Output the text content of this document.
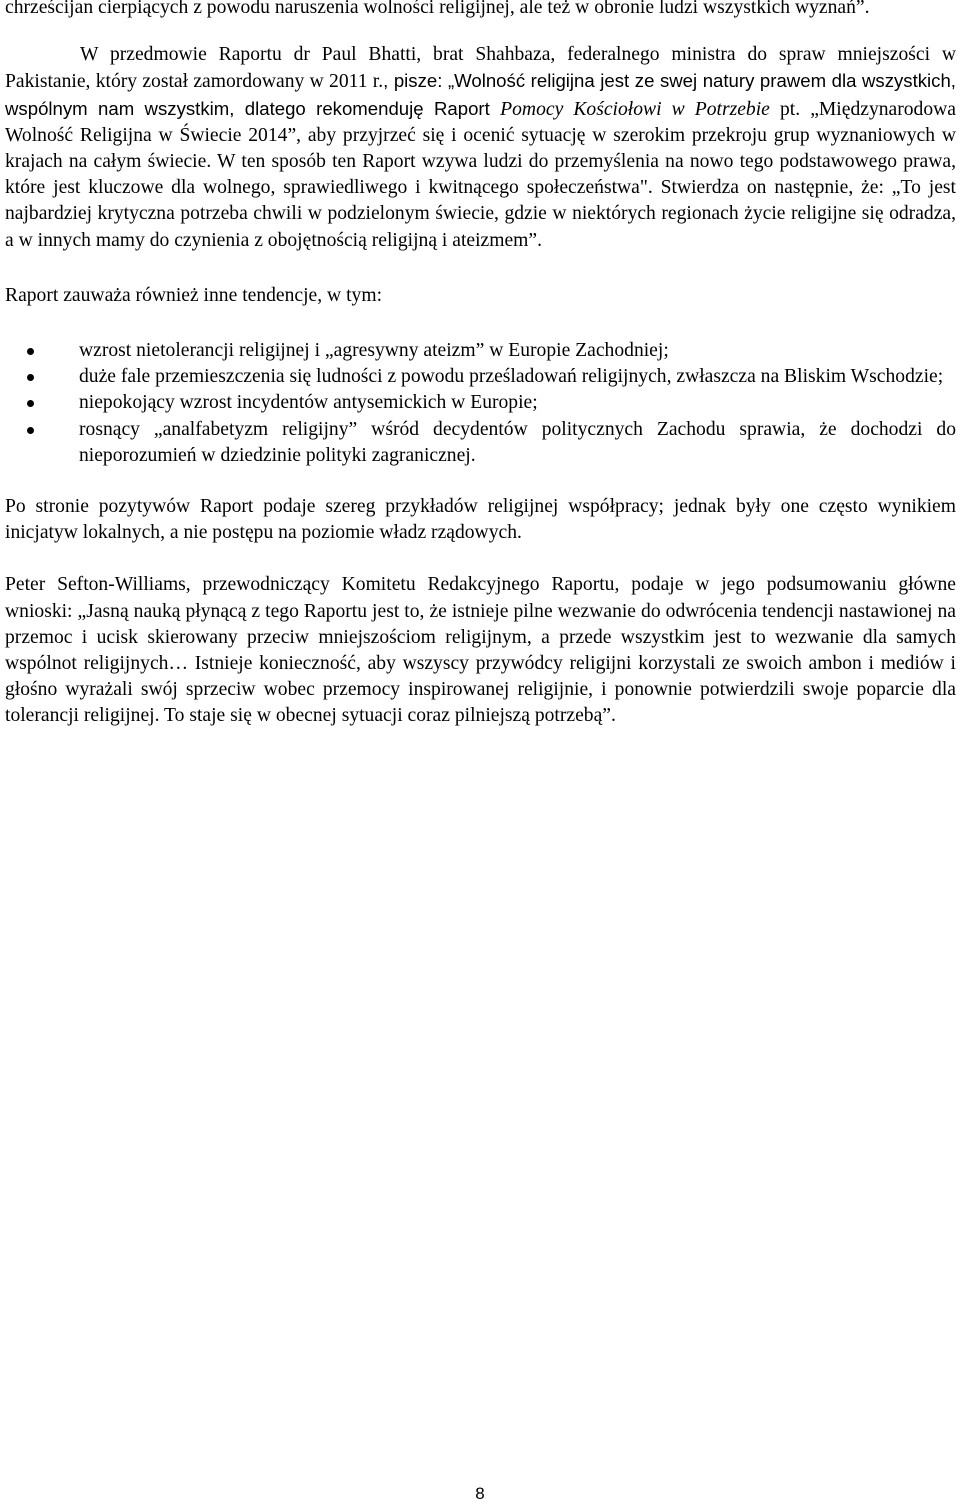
chrześcijan cierpiących z powodu naruszenia wolności religijnej, ale też w obronie ludzi wszystkich wyznań”.

W przedmowie Raportu dr Paul Bhatti, brat Shahbaza, federalnego ministra do spraw mniejszości w Pakistanie, który został zamordowany w 2011 r., pisze: „Wolność religijna jest ze swej natury prawem dla wszystkich, wspólnym nam wszystkim, dlatego rekomenduję Raport Pomocy Kościołowi w Potrzebie pt. „Międzynarodowa Wolność Religijna w Świecie 2014”, aby przyjrzeć się i ocenić sytuację w szerokim przekroju grup wyznaniowych w krajach na całym świecie. W ten sposób ten Raport wzywa ludzi do przemyślenia na nowo tego podstawowego prawa, które jest kluczowe dla wolnego, sprawiedliwego i kwitnącego społeczeństwa". Stwierdza on następnie, że: „To jest najbardziej krytyczna potrzeba chwili w podzielonym świecie, gdzie w niektórych regionach życie religijne się odradza, a w innych mamy do czynienia z obojętnością religijną i ateizmem”.

Raport zauważa również inne tendencje, w tym:

wzrost nietolerancji religijnej i „agresywny ateizm” w Europie Zachodniej;
duże fale przemieszczenia się ludności z powodu prześladowań religijnych, zwłaszcza na Bliskim Wschodzie;
niepokojący wzrost incydentów antysemickich w Europie;
rosnący „analfabetyzm religijny” wśród decydentów politycznych Zachodu sprawia, że dochodzi do nieporozumień w dziedzinie polityki zagranicznej.

Po stronie pozytywów Raport podaje szereg przykładów religijnej współpracy; jednak były one często wynikiem inicjatyw lokalnych, a nie postępu na poziomie władz rządowych.

Peter Sefton-Williams, przewodniczący Komitetu Redakcyjnego Raportu, podaje w jego podsumowaniu główne wnioski: „Jasną nauką płynącą z tego Raportu jest to, że istnieje pilne wezwanie do odwrócenia tendencji nastawionej na przemoc i ucisk skierowany przeciw mniejszościom religijnym, a przede wszystkim jest to wezwanie dla samych wspólnot religijnych… Istnieje konieczność, aby wszyscy przywódcy religijni korzystali ze swoich ambon i mediów i głośno wyrażali swój sprzeciw wobec przemocy inspirowanej religijnie, i ponownie potwierdzili swoje poparcie dla tolerancji religijnej. To staje się w obecnej sytuacji coraz pilniejszą potrzebą”.

8
